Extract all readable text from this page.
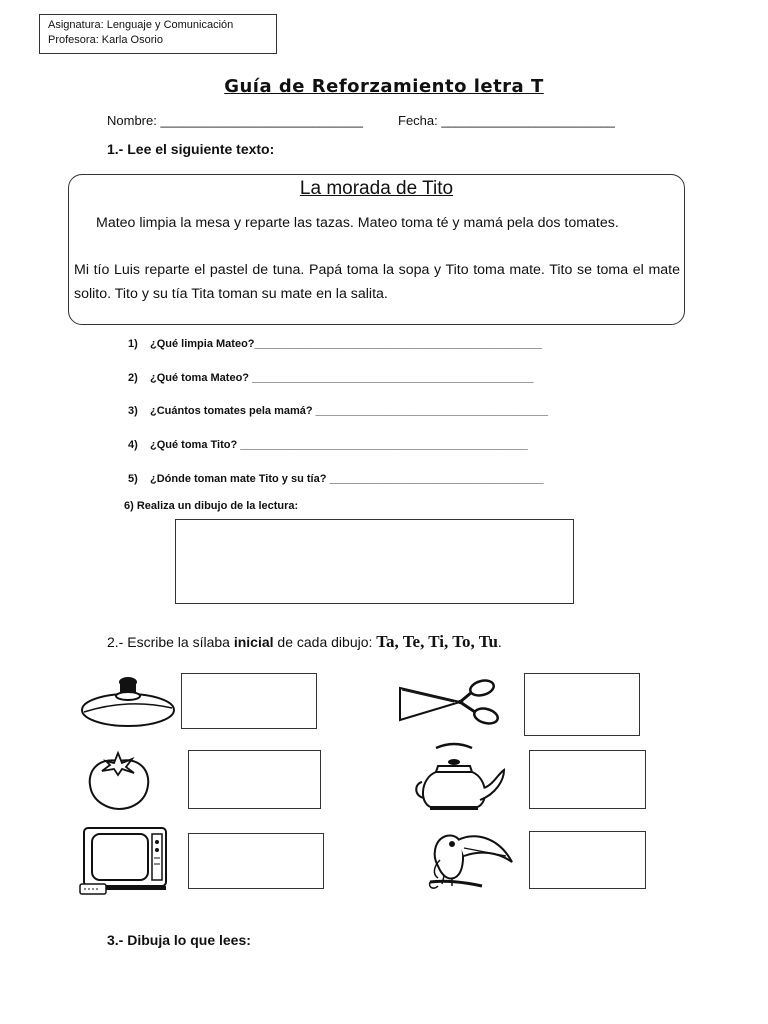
Asignatura: Lenguaje y Comunicación
Profesora: Karla Osorio
Guía de Reforzamiento letra T
Nombre: ____________________________	Fecha: ________________________
1.- Lee el siguiente texto:
La morada de Tito
Mateo limpia la mesa y reparte las tazas. Mateo toma té y mamá pela dos tomates.
Mi tío Luis reparte el pastel de tuna. Papá toma la sopa y Tito toma mate. Tito se toma el mate solito. Tito y su tía Tita toman su mate en la salita.
1) ¿Qué limpia Mateo?_______________________________________________
2) ¿Qué toma Mateo? ______________________________________________
3) ¿Cuántos tomates pela mamá? ______________________________________
4) ¿Qué toma Tito? _______________________________________________
5) ¿Dónde toman mate Tito y su tía? ___________________________________
6) Realiza un dibujo de la lectura:
2.- Escribe la sílaba inicial de cada dibujo: Ta, Te, Ti, To, Tu.
3.- Dibuja lo que lees:
